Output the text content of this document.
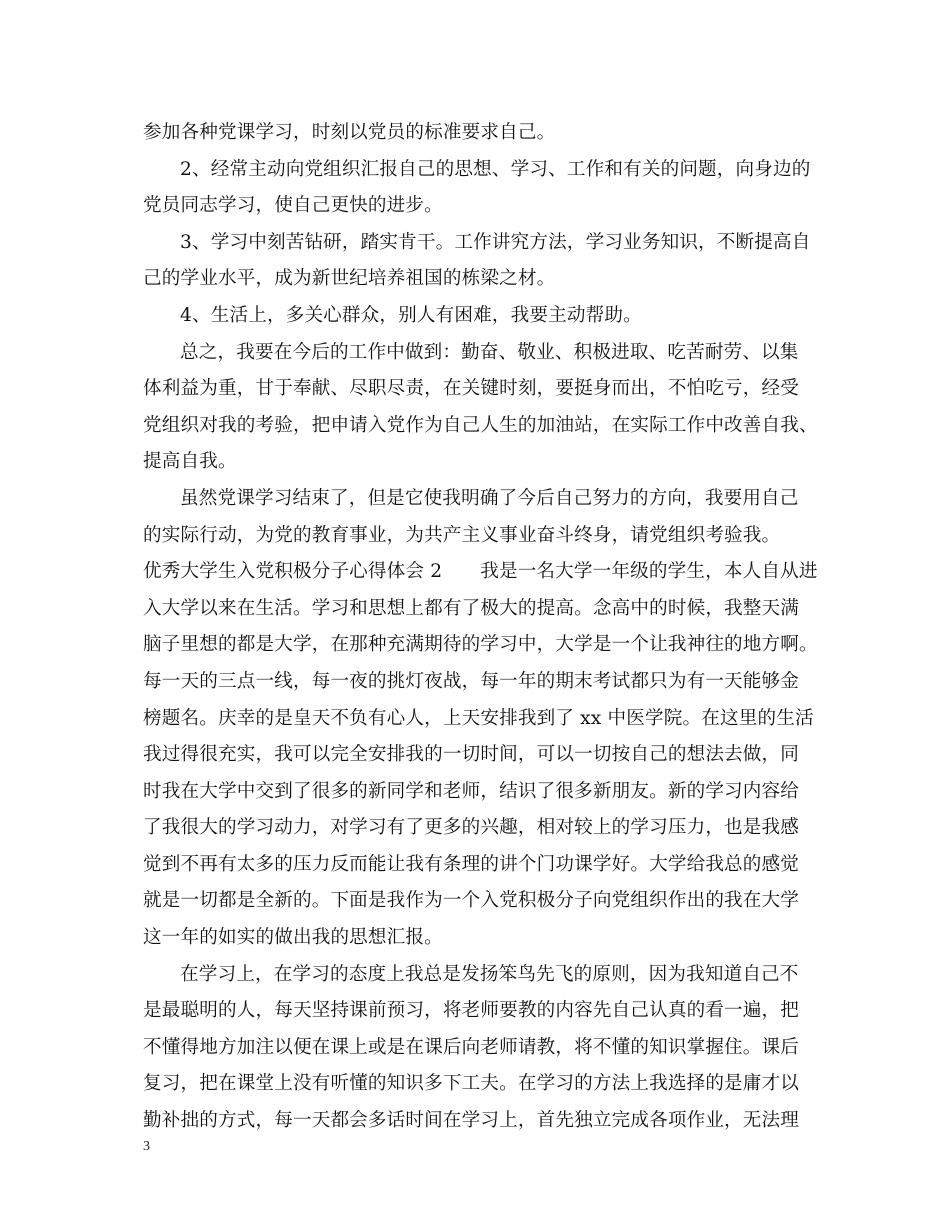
参加各种党课学习，时刻以党员的标准要求自己。
2、经常主动向党组织汇报自己的思想、学习、工作和有关的问题，向身边的
党员同志学习，使自己更快的进步。
3、学习中刻苦钻研，踏实肯干。工作讲究方法，学习业务知识，不断提高自
己的学业水平，成为新世纪培养祖国的栋梁之材。
4、生活上，多关心群众，别人有困难，我要主动帮助。
总之，我要在今后的工作中做到：勤奋、敬业、积极进取、吃苦耐劳、以集
体利益为重，甘于奉献、尽职尽责，在关键时刻，要挺身而出，不怕吃亏，经受
党组织对我的考验，把申请入党作为自己人生的加油站，在实际工作中改善自我、
提高自我。
虽然党课学习结束了，但是它使我明确了今后自己努力的方向，我要用自己
的实际行动，为党的教育事业，为共产主义事业奋斗终身，请党组织考验我。
优秀大学生入党积极分子心得体会 2 我是一名大学一年级的学生，本人自从进
入大学以来在生活。学习和思想上都有了极大的提高。念高中的时候，我整天满
脑子里想的都是大学，在那种充满期待的学习中，大学是一个让我神往的地方啊。
每一天的三点一线，每一夜的挑灯夜战，每一年的期末考试都只为有一天能够金
榜题名。庆幸的是皇天不负有心人，上天安排我到了 xx 中医学院。在这里的生活
我过得很充实，我可以完全安排我的一切时间，可以一切按自己的想法去做，同
时我在大学中交到了很多的新同学和老师，结识了很多新朋友。新的学习内容给
了我很大的学习动力，对学习有了更多的兴趣，相对较上的学习压力，也是我感
觉到不再有太多的压力反而能让我有条理的讲个门功课学好。大学给我总的感觉
就是一切都是全新的。下面是我作为一个入党积极分子向党组织作出的我在大学
这一年的如实的做出我的思想汇报。
在学习上，在学习的态度上我总是发扬笨鸟先飞的原则，因为我知道自己不
是最聪明的人，每天坚持课前预习，将老师要教的内容先自己认真的看一遍，把
不懂得地方加注以便在课上或是在课后向老师请教，将不懂的知识掌握住。课后
复习，把在课堂上没有听懂的知识多下工夫。在学习的方法上我选择的是庸才以
勤补拙的方式，每一天都会多话时间在学习上，首先独立完成各项作业，无法理
3
